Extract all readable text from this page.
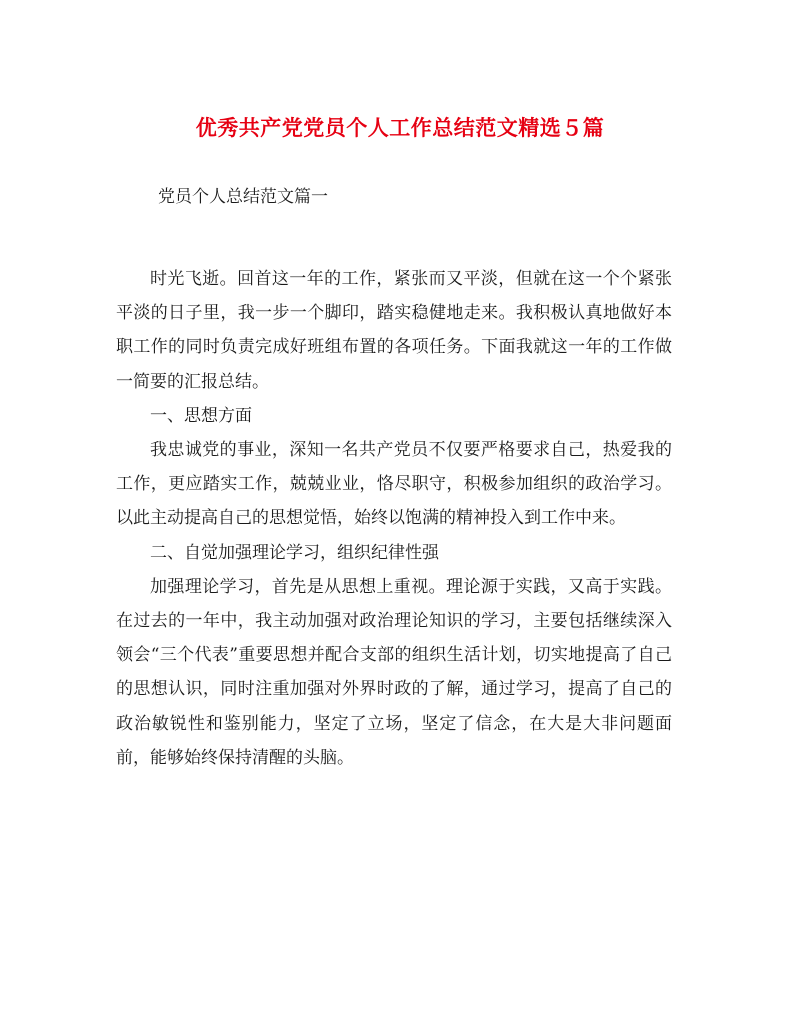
优秀共产党党员个人工作总结范文精选５篇
党员个人总结范文篇一

时光飞逝。回首这一年的工作，紧张而又平淡，但就在这一个个紧张平淡的日子里，我一步一个脚印，踏实稳健地走来。我积极认真地做好本职工作的同时负责完成好班组布置的各项任务。下面我就这一年的工作做一简要的汇报总结。

一、思想方面

我忠诚党的事业，深知一名共产党员不仅要严格要求自己，热爱我的工作，更应踏实工作，兢兢业业，恪尽职守，积极参加组织的政治学习。以此主动提高自己的思想觉悟，始终以饱满的精神投入到工作中来。

二、自觉加强理论学习，组织纪律性强

加强理论学习，首先是从思想上重视。理论源于实践，又高于实践。在过去的一年中，我主动加强对政治理论知识的学习，主要包括继续深入领会“三个代表”重要思想并配合支部的组织生活计划，切实地提高了自己的思想认识，同时注重加强对外界时政的了解，通过学习，提高了自己的政治敏锐性和鉴别能力，坚定了立场，坚定了信念，在大是大非问题面前，能够始终保持清醒的头脑。
